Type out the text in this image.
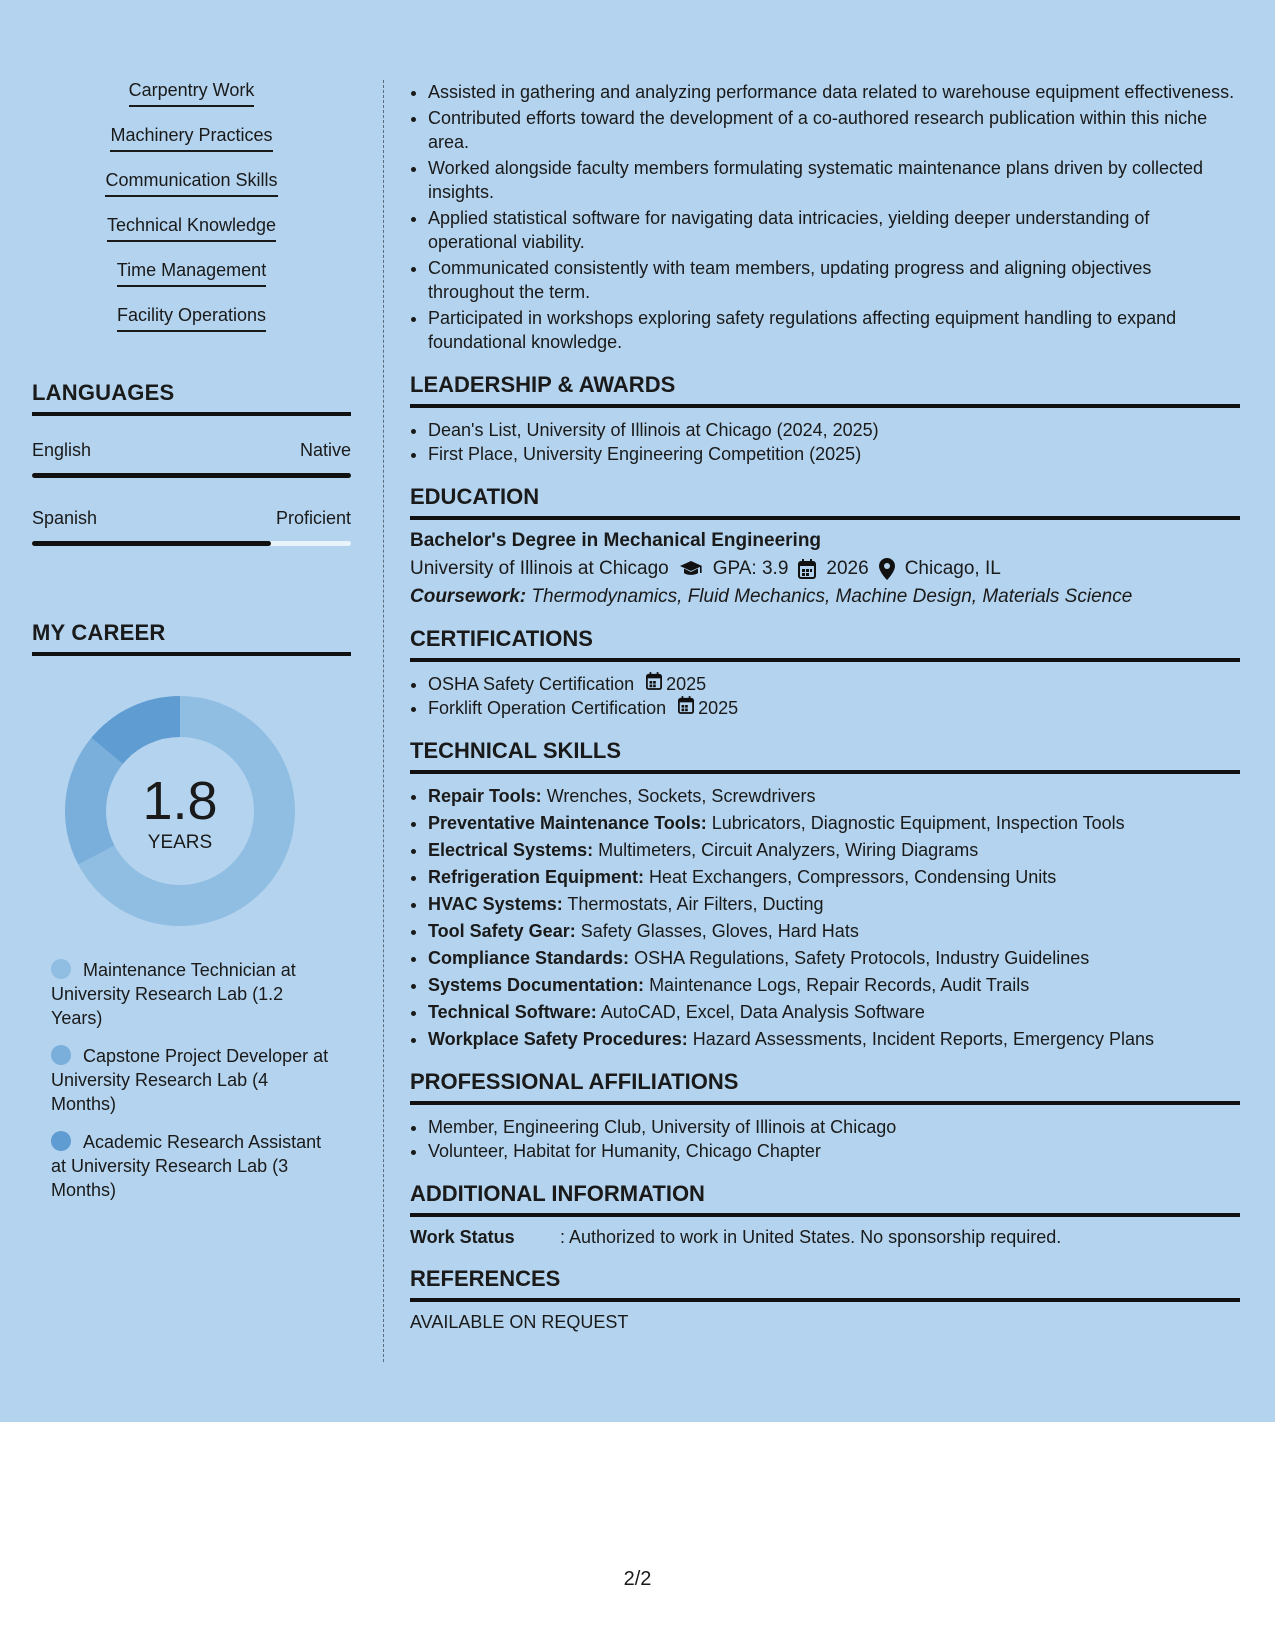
Carpentry Work
Machinery Practices
Communication Skills
Technical Knowledge
Time Management
Facility Operations
LANGUAGES
English	Native
Spanish	Proficient
MY CAREER
1.8
YEARS
Maintenance Technician at University Research Lab (1.2 Years)
Capstone Project Developer at University Research Lab (4 Months)
Academic Research Assistant at University Research Lab (3 Months)
• Assisted in gathering and analyzing performance data related to warehouse equipment effectiveness.
• Contributed efforts toward the development of a co-authored research publication within this niche area.
• Worked alongside faculty members formulating systematic maintenance plans driven by collected insights.
• Applied statistical software for navigating data intricacies, yielding deeper understanding of operational viability.
• Communicated consistently with team members, updating progress and aligning objectives throughout the term.
• Participated in workshops exploring safety regulations affecting equipment handling to expand foundational knowledge.
LEADERSHIP & AWARDS
• Dean's List, University of Illinois at Chicago (2024, 2025)
• First Place, University Engineering Competition (2025)
EDUCATION
Bachelor's Degree in Mechanical Engineering
University of Illinois at Chicago GPA: 3.9 2026 Chicago, IL
Coursework: Thermodynamics, Fluid Mechanics, Machine Design, Materials Science
CERTIFICATIONS
• OSHA Safety Certification 2025
• Forklift Operation Certification 2025
TECHNICAL SKILLS
• Repair Tools: Wrenches, Sockets, Screwdrivers
• Preventative Maintenance Tools: Lubricators, Diagnostic Equipment, Inspection Tools
• Electrical Systems: Multimeters, Circuit Analyzers, Wiring Diagrams
• Refrigeration Equipment: Heat Exchangers, Compressors, Condensing Units
• HVAC Systems: Thermostats, Air Filters, Ducting
• Tool Safety Gear: Safety Glasses, Gloves, Hard Hats
• Compliance Standards: OSHA Regulations, Safety Protocols, Industry Guidelines
• Systems Documentation: Maintenance Logs, Repair Records, Audit Trails
• Technical Software: AutoCAD, Excel, Data Analysis Software
• Workplace Safety Procedures: Hazard Assessments, Incident Reports, Emergency Plans
PROFESSIONAL AFFILIATIONS
• Member, Engineering Club, University of Illinois at Chicago
• Volunteer, Habitat for Humanity, Chicago Chapter
ADDITIONAL INFORMATION
Work Status	: Authorized to work in United States. No sponsorship required.
REFERENCES
AVAILABLE ON REQUEST
2/2
